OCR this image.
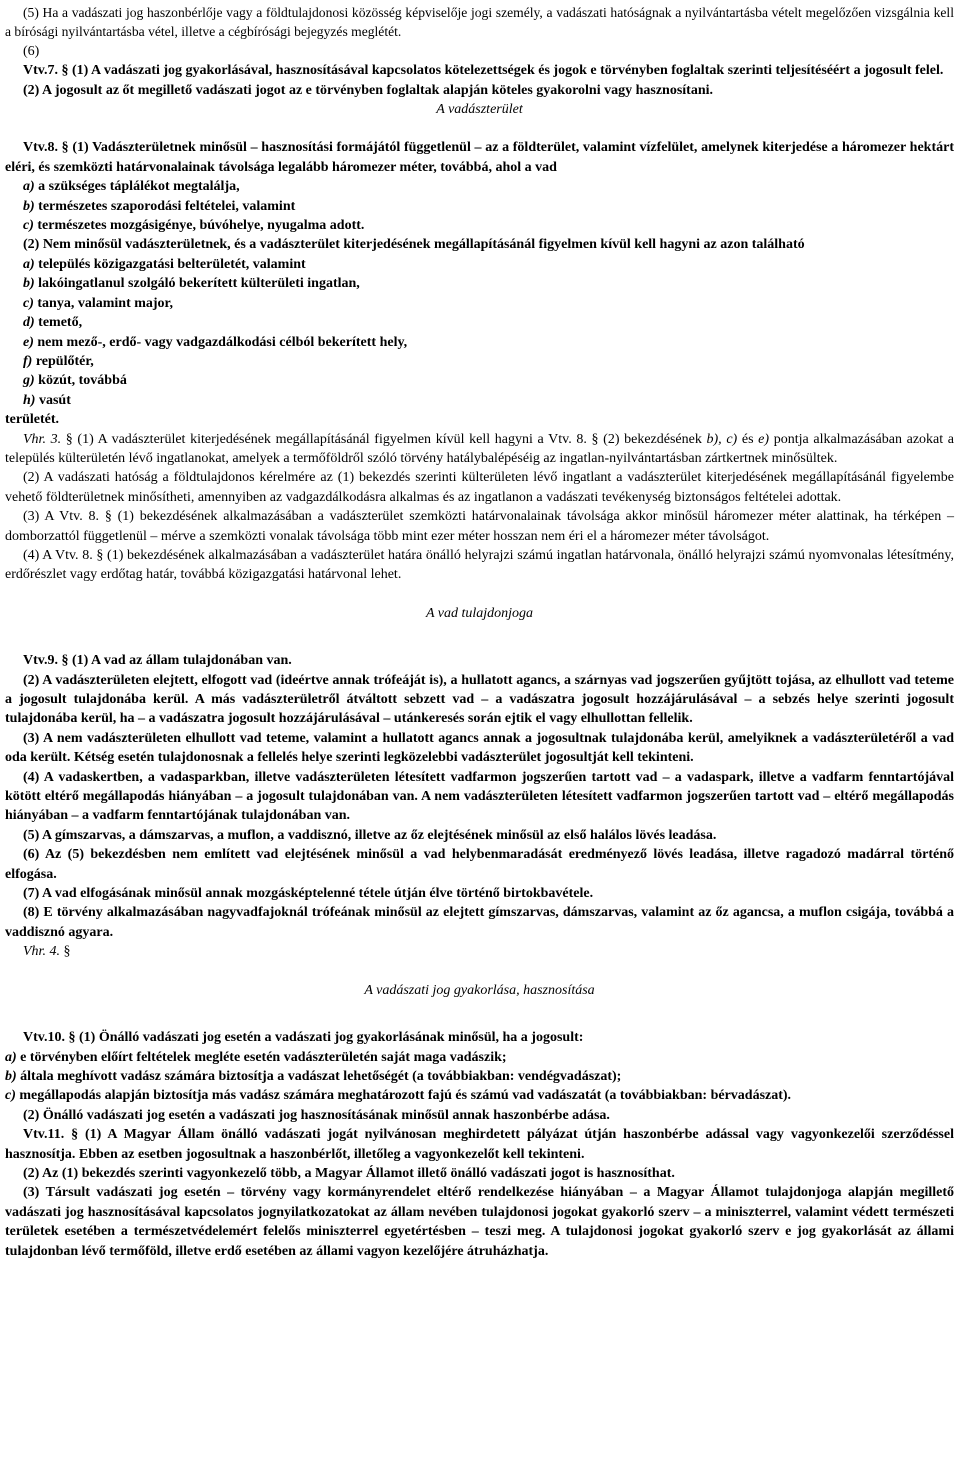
(5) Ha a vadászati jog haszonbérlője vagy a földtulajdonosi közösség képviselője jogi személy, a vadászati hatóságnak a nyilvántartásba vételt megelőzően vizsgálnia kell a bírósági nyilvántartásba vétel, illetve a cégbírósági bejegyzés meglétét.

(6)

Vtv.7. § (1) A vadászati jog gyakorlásával, hasznosításával kapcsolatos kötelezettségek és jogok e törvényben foglaltak szerinti teljesítéséért a jogosult felel.

(2) A jogosult az őt megillető vadászati jogot az e törvényben foglaltak alapján köteles gyakorolni vagy hasznosítani.

A vadászterület

Vtv.8. § (1) Vadászterületnek minősül – hasznosítási formájától függetlenül – az a földterület, valamint vízfelület, amelynek kiterjedése a háromezer hektárt eléri, és szemközti határvonalainak távolsága legalább háromezer méter, továbbá, ahol a vad

a) a szükséges táplálékot megtalálja,

b) természetes szaporodási feltételei, valamint

c) természetes mozgásigénye, búvóhelye, nyugalma adott.

(2) Nem minősül vadászterületnek, és a vadászterület kiterjedésének megállapításánál figyelmen kívül kell hagyni az azon található

a) település közigazgatási belterületét, valamint

b) lakóingatlanul szolgáló bekerített külterületi ingatlan,

c) tanya, valamint major,

d) temető,

e) nem mező-, erdő- vagy vadgazdálkodási célból bekerített hely,

f) repülőtér,

g) közút, továbbá

h) vasút

területét.

Vhr. 3. § (1) A vadászterület kiterjedésének megállapításánál figyelmen kívül kell hagyni a Vtv. 8. § (2) bekezdésének b), c) és e) pontja alkalmazásában azokat a település külterületén lévő ingatlanokat, amelyek a termőföldről szóló törvény hatálybalépéséig az ingatlan-nyilvántartásban zártkertnek minősültek.

(2) A vadászati hatóság a földtulajdonos kérelmére az (1) bekezdés szerinti külterületen lévő ingatlant a vadászterület kiterjedésének megállapításánál figyelembe vehető földterületnek minősítheti, amennyiben az vadgazdálkodásra alkalmas és az ingatlanon a vadászati tevékenység biztonságos feltételei adottak.

(3) A Vtv. 8. § (1) bekezdésének alkalmazásában a vadászterület szemközti határvonalainak távolsága akkor minősül háromezer méter alattinak, ha térképen – domborzattól függetlenül – mérve a szemközti vonalak távolsága több mint ezer méter hosszan nem éri el a háromezer méter távolságot.

(4) A Vtv. 8. § (1) bekezdésének alkalmazásában a vadászterület határa önálló helyrajzi számú ingatlan határvonala, önálló helyrajzi számú nyomvonalas létesítmény, erdőrészlet vagy erdőtag határ, továbbá közigazgatási határvonal lehet.

A vad tulajdonjoga

Vtv.9. § (1) A vad az állam tulajdonában van.

(2) A vadászterületen elejtett, elfogott vad (ideértve annak trófeáját is), a hullatott agancs, a szárnyas vad jogszerűen gyűjtött tojása, az elhullott vad teteme a jogosult tulajdonába kerül. A más vadászterületről átváltott sebzett vad – a vadászatra jogosult hozzájárulásával – a sebzés helye szerinti jogosult tulajdonába kerül, ha – a vadászatra jogosult hozzájárulásával – utánkeresés során ejtik el vagy elhullottan fellelik.

(3) A nem vadászterületen elhullott vad teteme, valamint a hullatott agancs annak a jogosultnak tulajdonába kerül, amelyiknek a vadászterületéről a vad oda került. Kétség esetén tulajdonosnak a fellelés helye szerinti legközelebbi vadászterület jogosultját kell tekinteni.

(4) A vadaskertben, a vadasparkban, illetve vadászterületen létesített vadfarmon jogszerűen tartott vad – a vadaspark, illetve a vadfarm fenntartójával kötött eltérő megállapodás hiányában – a jogosult tulajdonában van. A nem vadászterületen létesített vadfarmon jogszerűen tartott vad – eltérő megállapodás hiányában – a vadfarm fenntartójának tulajdonában van.

(5) A gímszarvas, a dámszarvas, a muflon, a vaddisznó, illetve az őz elejtésének minősül az első halálos lövés leadása.

(6) Az (5) bekezdésben nem említett vad elejtésének minősül a vad helybenmaradását eredményező lövés leadása, illetve ragadozó madárral történő elfogása.

(7) A vad elfogásának minősül annak mozgásképtelenné tétele útján élve történő birtokbavétele.

(8) E törvény alkalmazásában nagyvadfajoknál trófeának minősül az elejtett gímszarvas, dámszarvas, valamint az őz agancsa, a muflon csigája, továbbá a vaddisznó agyara.

Vhr. 4. §

A vadászati jog gyakorlása, hasznosítása

Vtv.10. § (1) Önálló vadászati jog esetén a vadászati jog gyakorlásának minősül, ha a jogosult:

a) e törvényben előírt feltételek megléte esetén vadászterületén saját maga vadászik;

b) általa meghívott vadász számára biztosítja a vadászat lehetőségét (a továbbiakban: vendégvadászat);

c) megállapodás alapján biztosítja más vadász számára meghatározott fajú és számú vad vadászatát (a továbbiakban: bérvadászat).

(2) Önálló vadászati jog esetén a vadászati jog hasznosításának minősül annak haszonbérbe adása.

Vtv.11. § (1) A Magyar Állam önálló vadászati jogát nyilvánosan meghirdetett pályázat útján haszonbérbe adással vagy vagyonkezelői szerződéssel hasznosítja. Ebben az esetben jogosultnak a haszonbérlőt, illetőleg a vagyonkezelőt kell tekinteni.

(2) Az (1) bekezdés szerinti vagyonkezelő több, a Magyar Államot illető önálló vadászati jogot is hasznosíthat.

(3) Társult vadászati jog esetén – törvény vagy kormányrendelet eltérő rendelkezése hiányában – a Magyar Államot tulajdonjoga alapján megillető vadászati jog hasznosításával kapcsolatos jognyilatkozatokat az állam nevében tulajdonosi jogokat gyakorló szerv – a miniszterrel, valamint védett természeti területek esetében a természetvédelemért felelős miniszterrel egyetértésben – teszi meg. A tulajdonosi jogokat gyakorló szerv e jog gyakorlását az állami tulajdonban lévő termőföld, illetve erdő esetében az állami vagyon kezelőjére átruházhatja.
